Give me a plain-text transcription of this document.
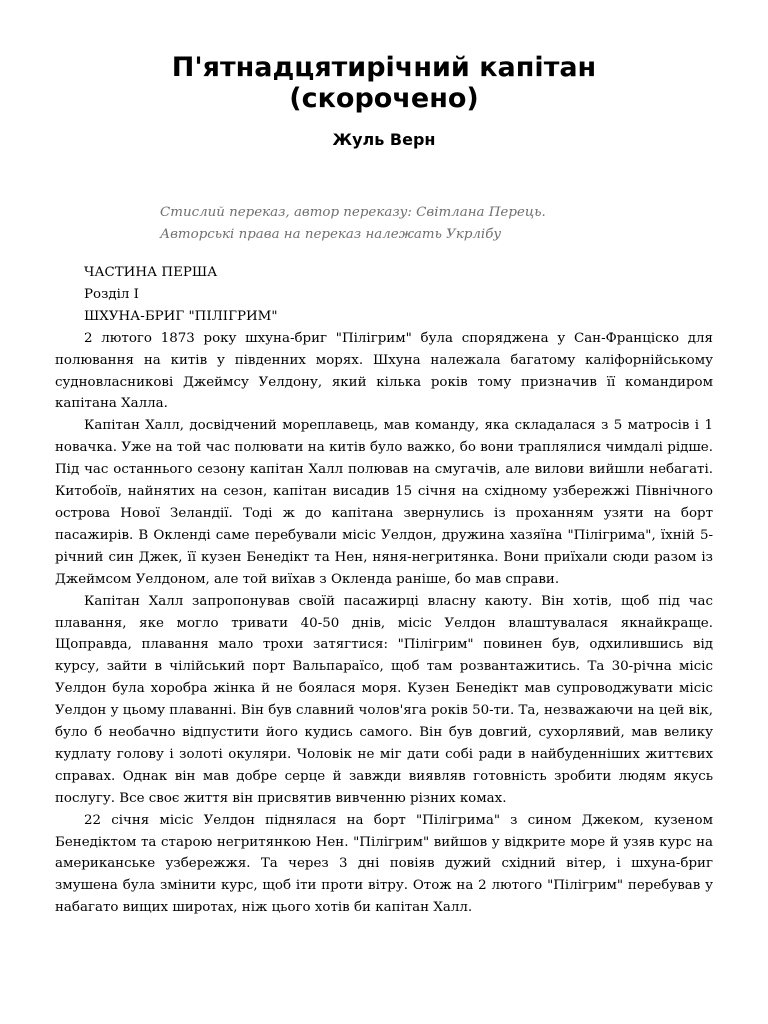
П'ятнадцятирічний капітан
(скорочено)
Жуль Верн
Стислий переказ, автор переказу: Світлана Перець.
Авторські права на переказ належать Укрлібу
ЧАСТИНА ПЕРША
Розділ I
ШХУНА-БРИГ "ПІЛІГРИМ"

2 лютого 1873 року шхуна-бриг "Пілігрим" була споряджена у Сан-Франціско для полювання на китів у південних морях. Шхуна належала багатому каліфорнійському судновласникові Джеймсу Уелдону, який кілька років тому призначив її командиром капітана Халла.

Капітан Халл, досвідчений мореплавець, мав команду, яка складалася з 5 матросів і 1 новачка. Уже на той час полювати на китів було важко, бо вони траплялися чимдалі рідше. Під час останнього сезону капітан Халл полював на смугачів, але вилови вийшли небагаті. Китобоїв, найнятих на сезон, капітан висадив 15 січня на східному узбережжі Північного острова Нової Зеландії. Тоді ж до капітана звернулись із проханням узяти на борт пасажирів. В Окленді саме перебували місіс Уелдон, дружина хазяїна "Пілігрима", їхній 5-річний син Джек, її кузен Бенедікт та Нен, няня-негритянка. Вони приїхали сюди разом із Джеймсом Уелдоном, але той виїхав з Окленда раніше, бо мав справи.

Капітан Халл запропонував своїй пасажирці власну каюту. Він хотів, щоб під час плавання, яке могло тривати 40-50 днів, місіс Уелдон влаштувалася якнайкраще. Щоправда, плавання мало трохи затягтися: "Пілігрим" повинен був, одхилившись від курсу, зайти в чілійський порт Вальпараїсо, щоб там розвантажитись. Та 30-річна місіс Уелдон була хоробра жінка й не боялася моря. Кузен Бенедікт мав супроводжувати місіс Уелдон у цьому плаванні. Він був славний чолов'яга років 50-ти. Та, незважаючи на цей вік, було б необачно відпустити його кудись самого. Він був довгий, сухорлявий, мав велику кудлату голову і золоті окуляри. Чоловік не міг дати собі ради в найбуденніших життєвих справах. Однак він мав добре серце й завжди виявляв готовність зробити людям якусь послугу. Все своє життя він присвятив вивченню різних комах.

22 січня місіс Уелдон піднялася на борт "Пілігрима" з сином Джеком, кузеном Бенедіктом та старою негритянкою Нен. "Пілігрим" вийшов у відкрите море й узяв курс на американське узбережжя. Та через 3 дні повіяв дужий східний вітер, і шхуна-бриг змушена була змінити курс, щоб іти проти вітру. Отож на 2 лютого "Пілігрим" перебував у набагато вищих широтах, ніж цього хотів би капітан Халл.
